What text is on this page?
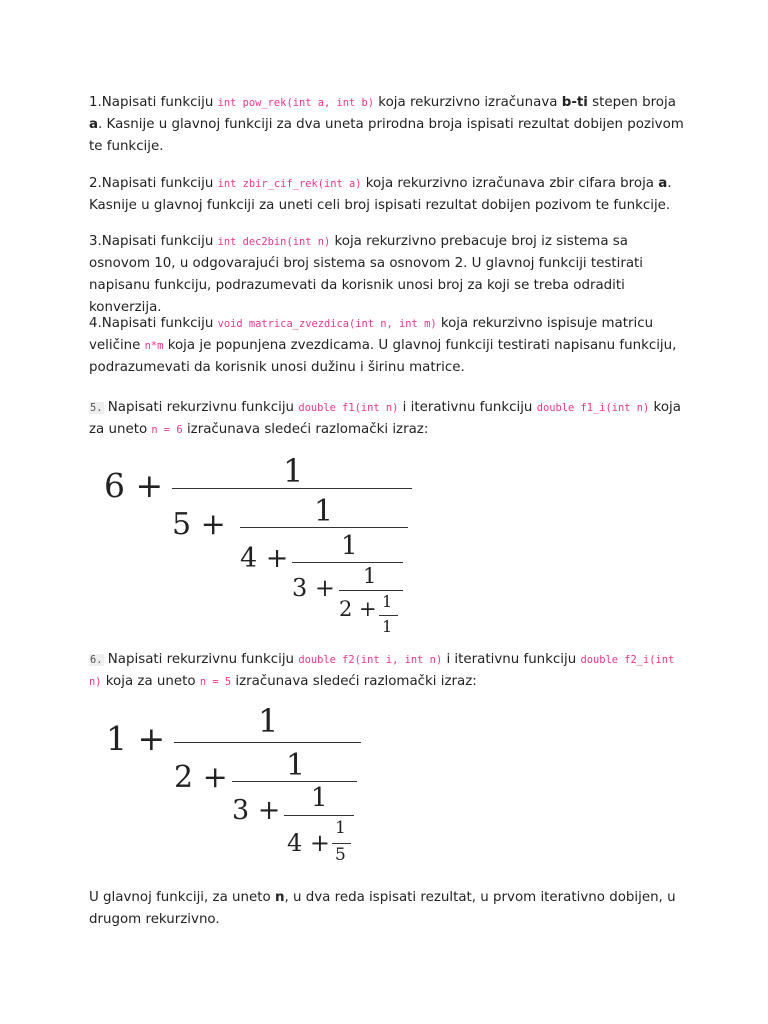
1.Napisati funkciju int pow_rek(int a, int b) koja rekurzivno izračunava b-ti stepen broja a. Kasnije u glavnoj funkciji za dva uneta prirodna broja ispisati rezultat dobijen pozivom te funkcije.

2.Napisati funkciju int zbir_cif_rek(int a) koja rekurzivno izračunava zbir cifara broja a. Kasnije u glavnoj funkciji za uneti celi broj ispisati rezultat dobijen pozivom te funkcije.

3.Napisati funkciju int dec2bin(int n) koja rekurzivno prebacuje broj iz sistema sa osnovom 10, u odgovarajući broj sistema sa osnovom 2. U glavnoj funkciji testirati napisanu funkciju, podrazumevati da korisnik unosi broj za koji se treba odraditi konverzija.

4.Napisati funkciju void matrica_zvezdica(int n, int m) koja rekurzivno ispisuje matricu veličine n*m koja je popunjena zvezdicama. U glavnoj funkciji testirati napisanu funkciju, podrazumevati da korisnik unosi dužinu i širinu matrice.

5. Napisati rekurzivnu funkciju double f1(int n) i iterativnu funkciju double f1_i(int n) koja za uneto n = 6 izračunava sledeći razlomački izraz:

6 +	1
5 +	1
4 + 1
3 + 1
2 + 1
1

6. Napisati rekurzivnu funkciju double f2(int i, int n) i iterativnu funkciju double f2_i(int n) koja za uneto n = 5 izračunava sledeći razlomački izraz:

1 +	1
2 + 1
3 + 1
4 +
1
5

U glavnoj funkciji, za uneto n, u dva reda ispisati rezultat, u prvom iterativno dobijen, u drugom rekurzivno.
